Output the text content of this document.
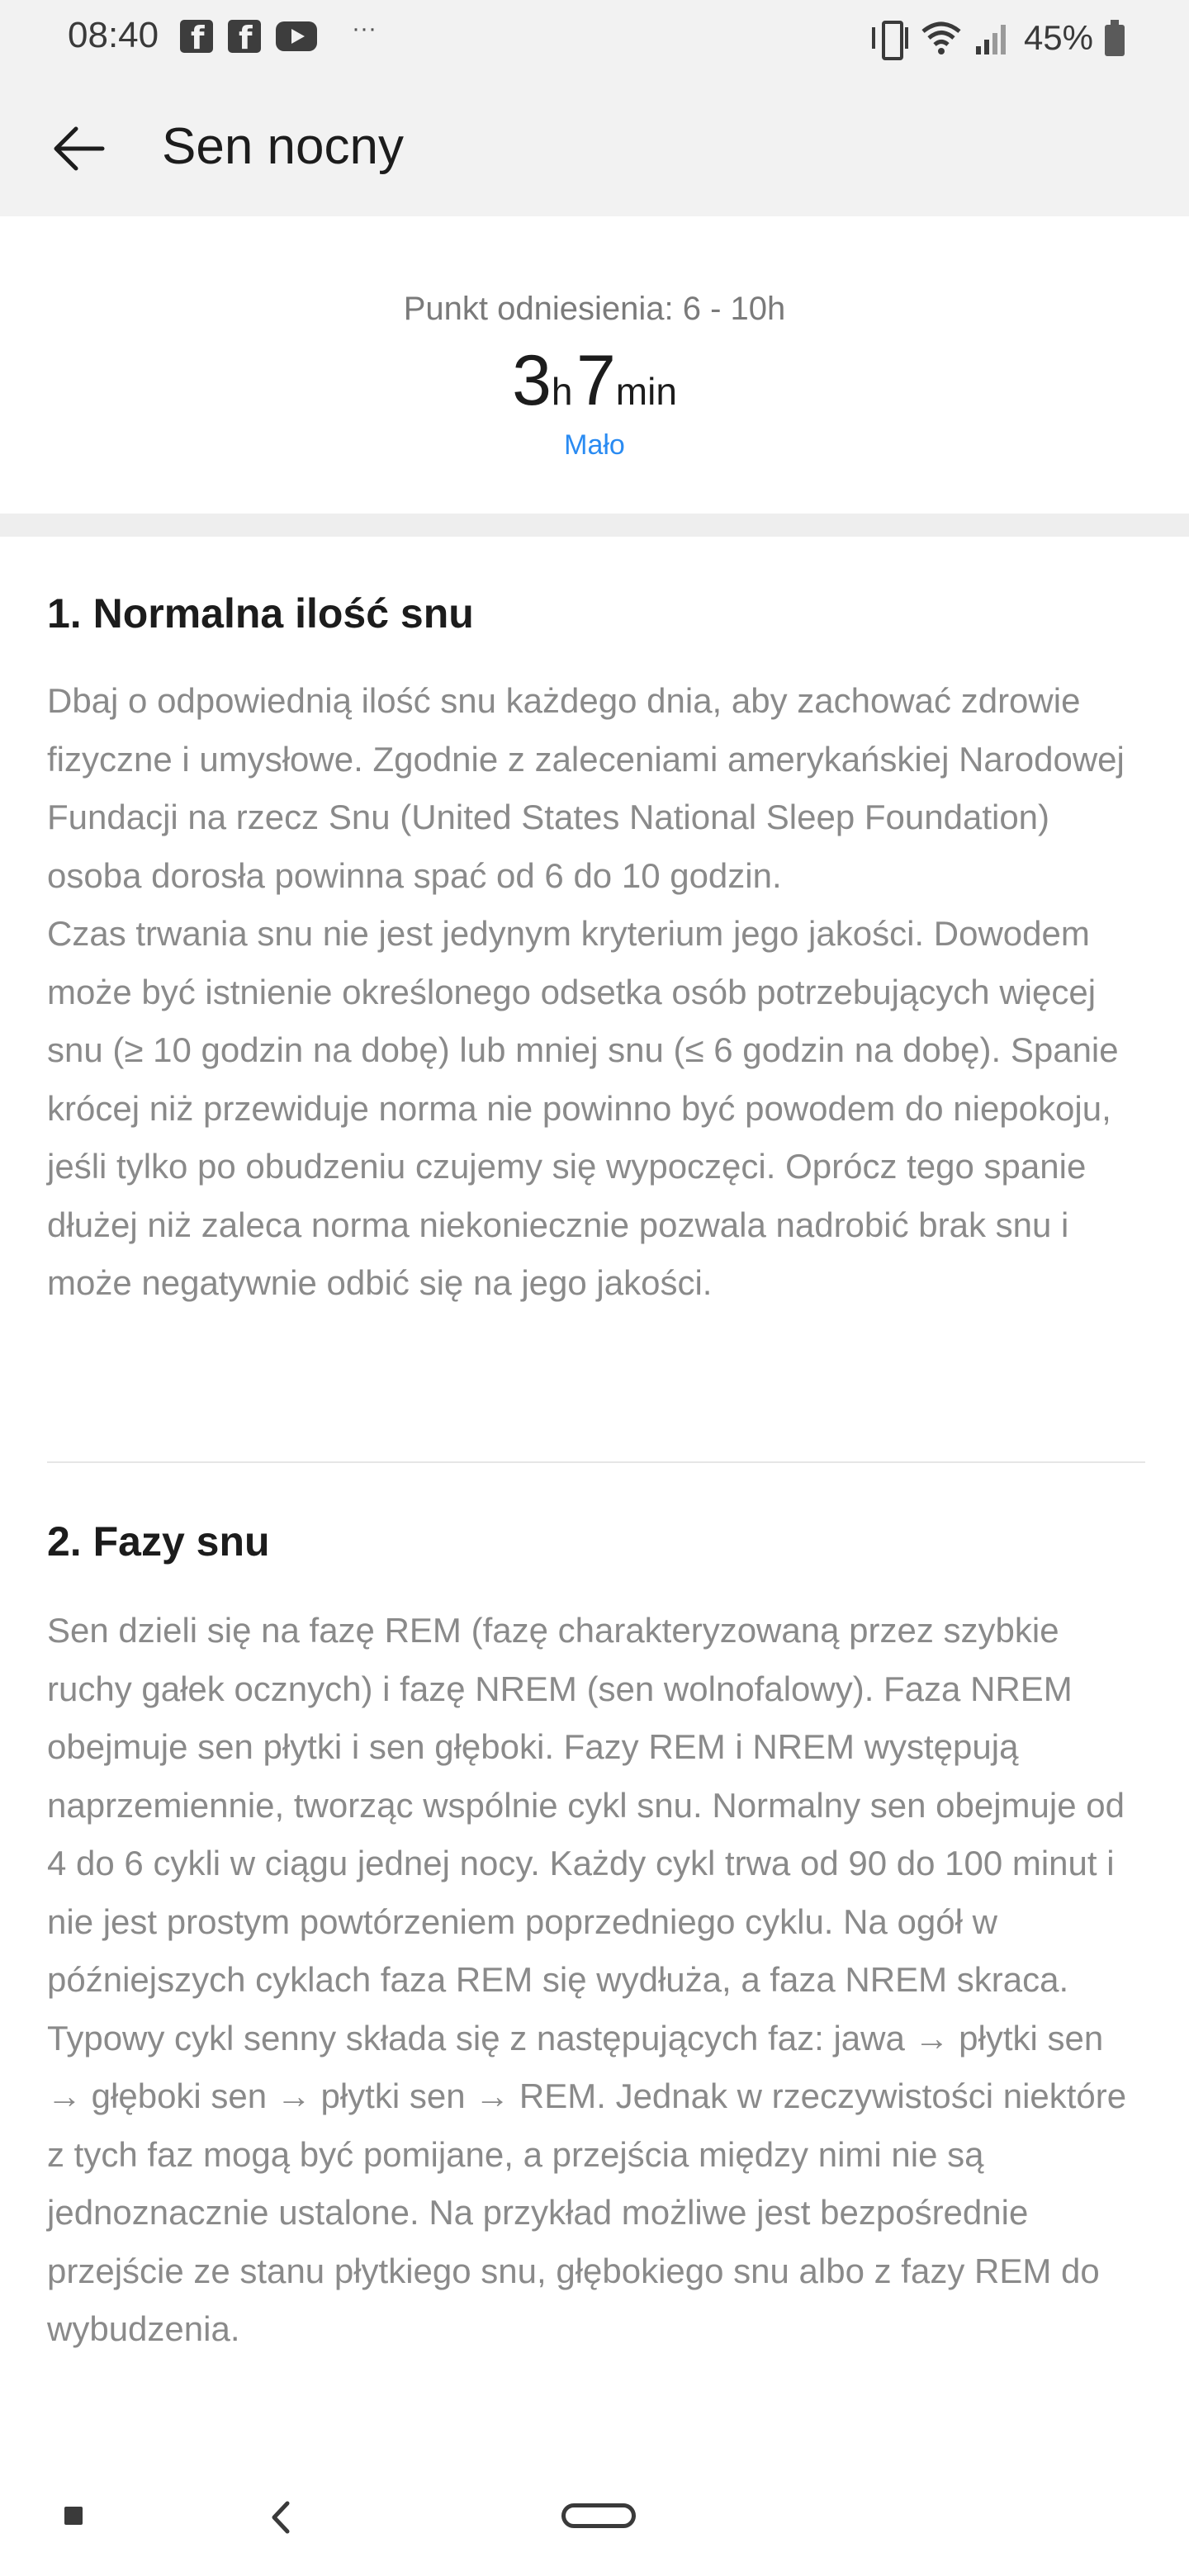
08:40 f f	···	45%
Sen nocny
Punkt odniesienia: 6 - 10h
3h 7min
Mało
1. Normalna ilość snu

Dbaj o odpowiednią ilość snu każdego dnia, aby zachować zdrowie fizyczne i umysłowe. Zgodnie z zaleceniami amerykańskiej Narodowej Fundacji na rzecz Snu (United States National Sleep Foundation) osoba dorosła powinna spać od 6 do 10 godzin.

Czas trwania snu nie jest jedynym kryterium jego jakości. Dowodem może być istnienie określonego odsetka osób potrzebujących więcej snu (≥ 10 godzin na dobę) lub mniej snu (≤ 6 godzin na dobę). Spanie krócej niż przewiduje norma nie powinno być powodem do niepokoju, jeśli tylko po obudzeniu czujemy się wypoczęci. Oprócz tego spanie dłużej niż zaleca norma niekoniecznie pozwala nadrobić brak snu i może negatywnie odbić się na jego jakości.

2. Fazy snu

Sen dzieli się na fazę REM (fazę charakteryzowaną przez szybkie ruchy gałek ocznych) i fazę NREM (sen wolnofalowy). Faza NREM obejmuje sen płytki i sen głęboki. Fazy REM i NREM występują naprzemiennie, tworząc wspólnie cykl snu. Normalny sen obejmuje od 4 do 6 cykli w ciągu jednej nocy. Każdy cykl trwa od 90 do 100 minut i nie jest prostym powtórzeniem poprzedniego cyklu. Na ogół w późniejszych cyklach faza REM się wydłuża, a faza NREM skraca.

Typowy cykl senny składa się z następujących faz: jawa → płytki sen → głęboki sen → płytki sen → REM. Jednak w rzeczywistości niektóre z tych faz mogą być pomijane, a przejścia między nimi nie są jednoznacznie ustalone. Na przykład możliwe jest bezpośrednie przejście ze stanu płytkiego snu, głębokiego snu albo z fazy REM do wybudzenia.
